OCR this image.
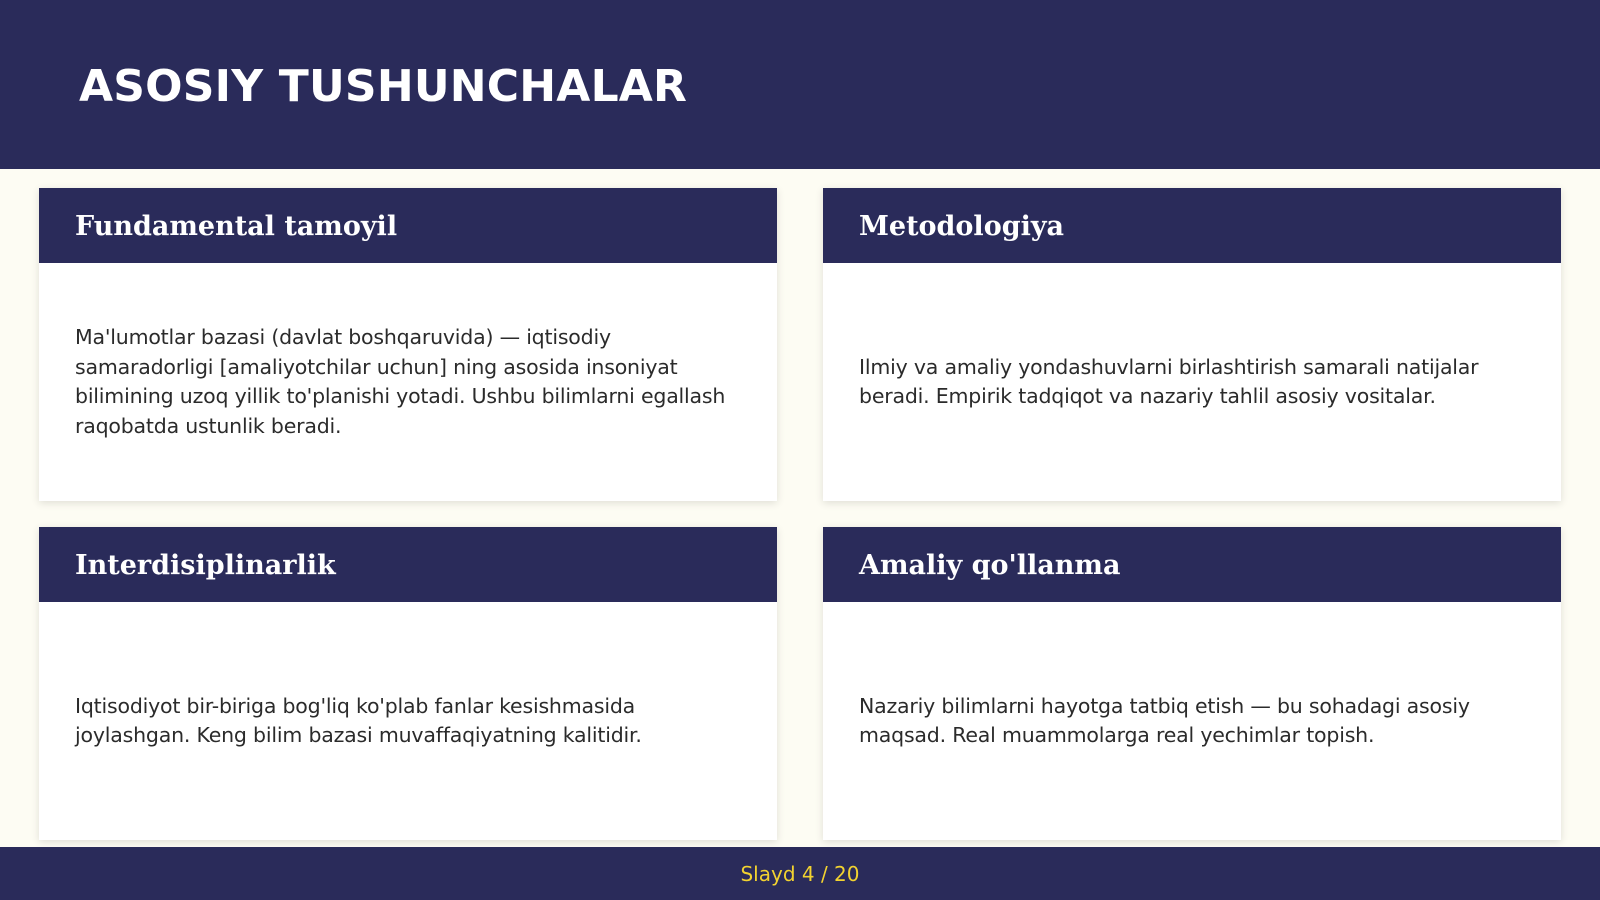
ASOSIY TUSHUNCHALAR
Fundamental tamoyil

Ma'lumotlar bazasi (davlat boshqaruvida) — iqtisodiy samaradorligi [amaliyotchilar uchun] ning asosida insoniyat bilimining uzoq yillik to'planishi yotadi. Ushbu bilimlarni egallash raqobatda ustunlik beradi.

Metodologiya

Ilmiy va amaliy yondashuvlarni birlashtirish samarali natijalar beradi. Empirik tadqiqot va nazariy tahlil asosiy vositalar.

Interdisiplinarlik

Iqtisodiyot bir-biriga bog'liq ko'plab fanlar kesishmasida joylashgan. Keng bilim bazasi muvaffaqiyatning kalitidir.

Amaliy qo'llanma

Nazariy bilimlarni hayotga tatbiq etish — bu sohadagi asosiy maqsad. Real muammolarga real yechimlar topish.

Slayd 4 / 20
